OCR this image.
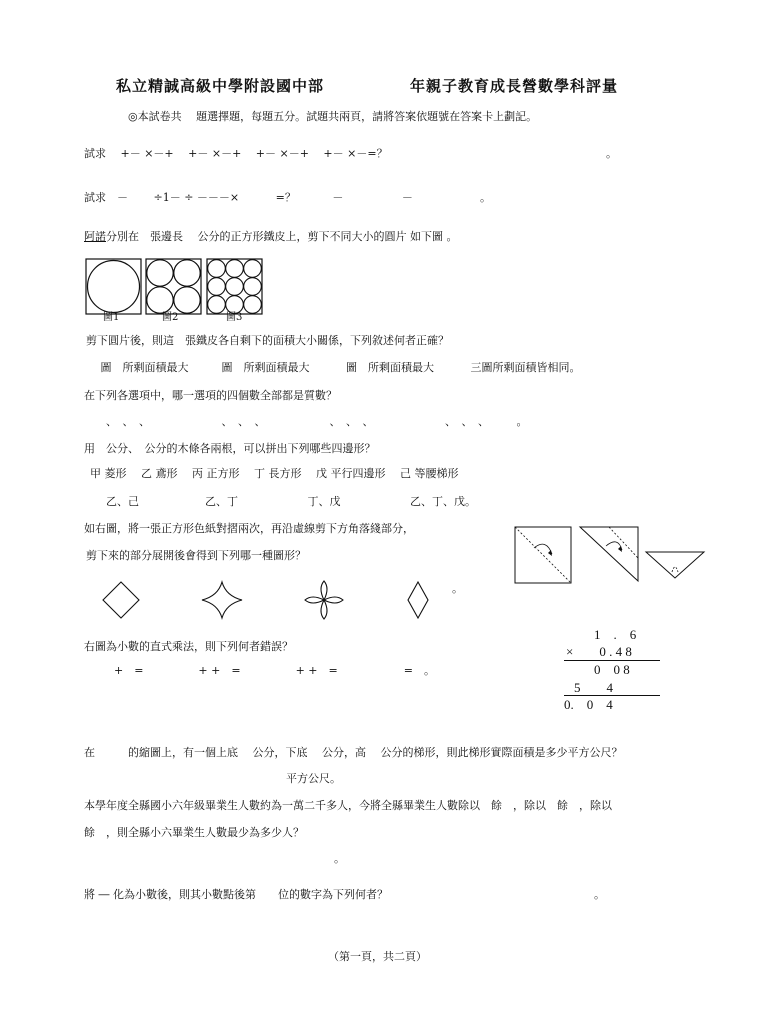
私立精誠高級中學附設國中部	年親子教育成長營數學科評量
◎本試卷共　 題選擇題，每題五分。試題共兩頁，請將答案依題號在答案卡上劃記。
試求　 +－ ×－+　 +－ ×－+　 +－ ×－+　 +－ ×－=？	。
試求　－　　 ÷1－ ÷ －－－×　　　 =？　　　 －　　　　　 －	。
阿諾分別在　張邊長　 公分的正方形鐵皮上，剪下不同大小的圓片 如下圖 。
圖1	圖2	圖3
剪下圓片後，則這　張鐵皮各自剩下的面積大小關係，下列敘述何者正確？
　 圖　所剩面積最大　　　圖　所剩面積最大　　　 圖　所剩面積最大　　　 三圖所剩面積皆相同。
在下列各選項中，哪一選項的四個數全部都是質數？
　　、　、　、　　　　　　　、　、　、　　　　　　 、　、　、　　　　　　　、　、　、　　　。
用　公分、　公分的木條各兩根，可以拼出下列哪些四邊形？
甲 菱形　 乙 鳶形　 丙 正方形　 丁 長方形　 戊 平行四邊形　 己 等腰梯形
乙、己　　　　　　乙、丁　　　　　　 丁、戊　　　　　　 乙、丁、戊。
如右圖，將一張正方形色紙對摺兩次，再沿虛線剪下方角落綫部分，
剪下來的部分展開後會得到下列哪一種圖形？
。
右圖為小數的直式乘法，則下列何者錯誤？
+　=　　　　　+ +　=　　　　　+ +　=　　　　　　=　。
1　.　6
×　　0 . 4 8
0　0 8
5　　4
0.　0　4
在　　　的縮圖上，有一個上底　 公分，下底　 公分，高　 公分的梯形，則此梯形實際面積是多少平方公尺？
平方公尺。
本學年度全縣國小六年級畢業生人數約為一萬二千多人，今將全縣畢業生人數除以　餘　，除以　餘　，除以
餘　，則全縣小六畢業生人數最少為多少人？
。
將 ― 化為小數後，則其小數點後第　　位的數字為下列何者？	。
（第一頁，共二頁）
